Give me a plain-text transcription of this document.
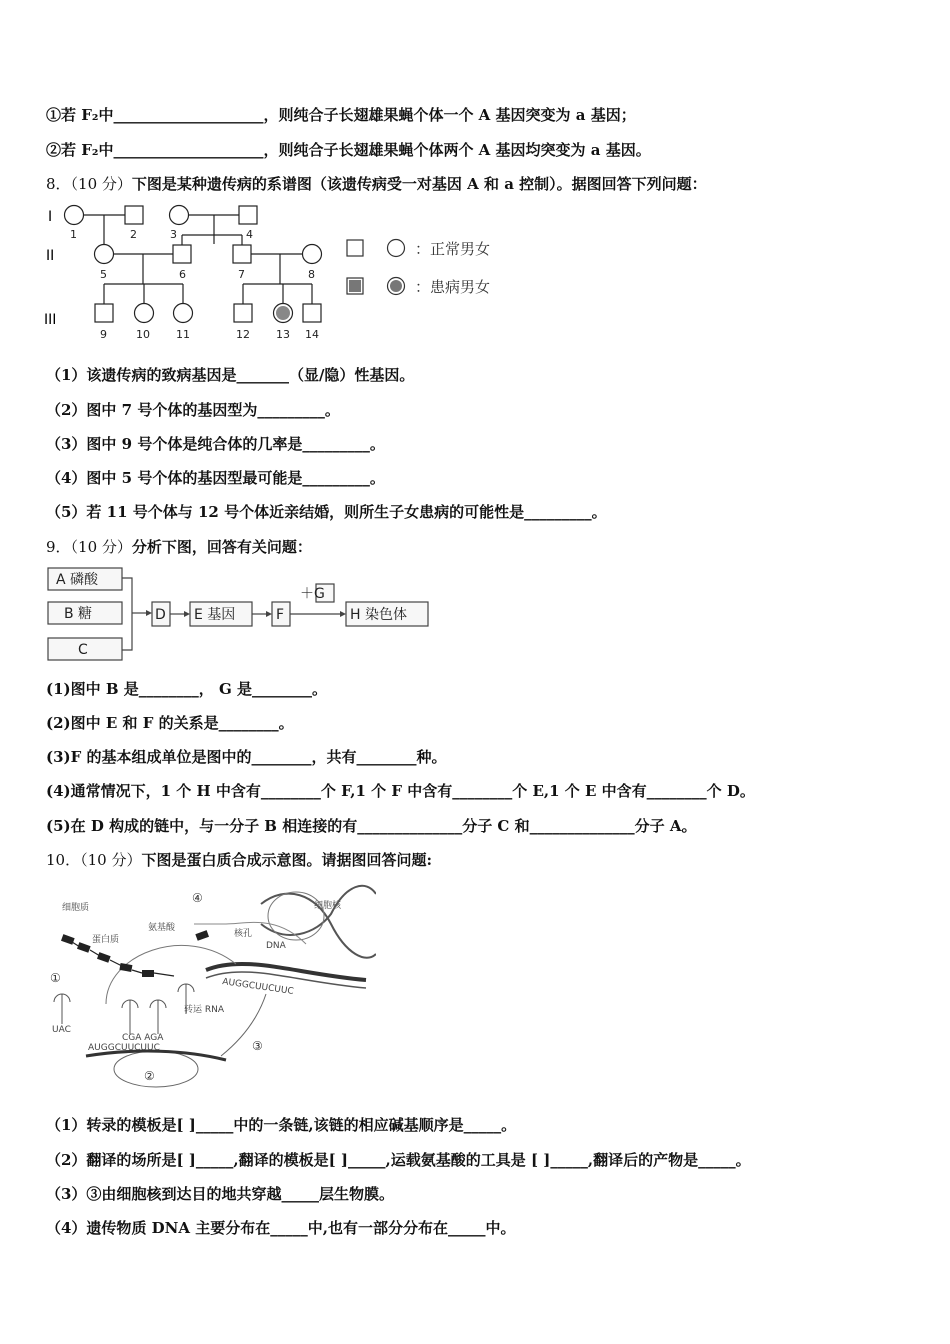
①若 F₂中____________________，则纯合子长翅雄果蝇个体一个 A 基因突变为 a 基因；
②若 F₂中____________________，则纯合子长翅雄果蝇个体两个 A 基因均突变为 a 基因。
8．（10 分）下图是某种遗传病的系谱图（该遗传病受一对基因 A 和 a 控制）。据图回答下列问题：
I
II
III
1	2	3	4
5	6	7	8
9	10 11	12 13 14
：正常男女
：患病男女
（1）该遗传病的致病基因是_______（显/隐）性基因。
（2）图中 7 号个体的基因型为_________。
（3）图中 9 号个体是纯合体的几率是_________。
（4）图中 5 号个体的基因型最可能是_________。
（5）若 11 号个体与 12 号个体近亲结婚，则所生子女患病的可能性是_________。
9．（10 分）分析下图，回答有关问题：
A 磷酸
B 糖
C
D E 基因	F
＋G
H 染色体
(1)图中 B 是________， G 是________。
(2)图中 E 和 F 的关系是________。
(3)F 的基本组成单位是图中的________，共有________种。
(4)通常情况下，1 个 H 中含有________个 F,1 个 F 中含有________个 E,1 个 E 中含有________个 D。
(5)在 D 构成的链中，与一分子 B 相连接的有______________分子 C 和______________分子 A。
10．（10 分）下图是蛋白质合成示意图。请据图回答问题:
细胞质
蛋白质
氨基酸
细胞核
核孔
DNA
转运 RNA
AUGGCUUCUUC
AUGGCUUCUUC
UAC
CGA AGA
①
②
③
④
（1）转录的模板是[ ]_____中的一条链,该链的相应碱基顺序是_____。
（2）翻译的场所是[ ]_____,翻译的模板是[ ]_____,运载氨基酸的工具是 [ ]_____,翻译后的产物是_____。
（3）③由细胞核到达目的地共穿越_____层生物膜。
（4）遗传物质 DNA 主要分布在_____中,也有一部分分布在_____中。
